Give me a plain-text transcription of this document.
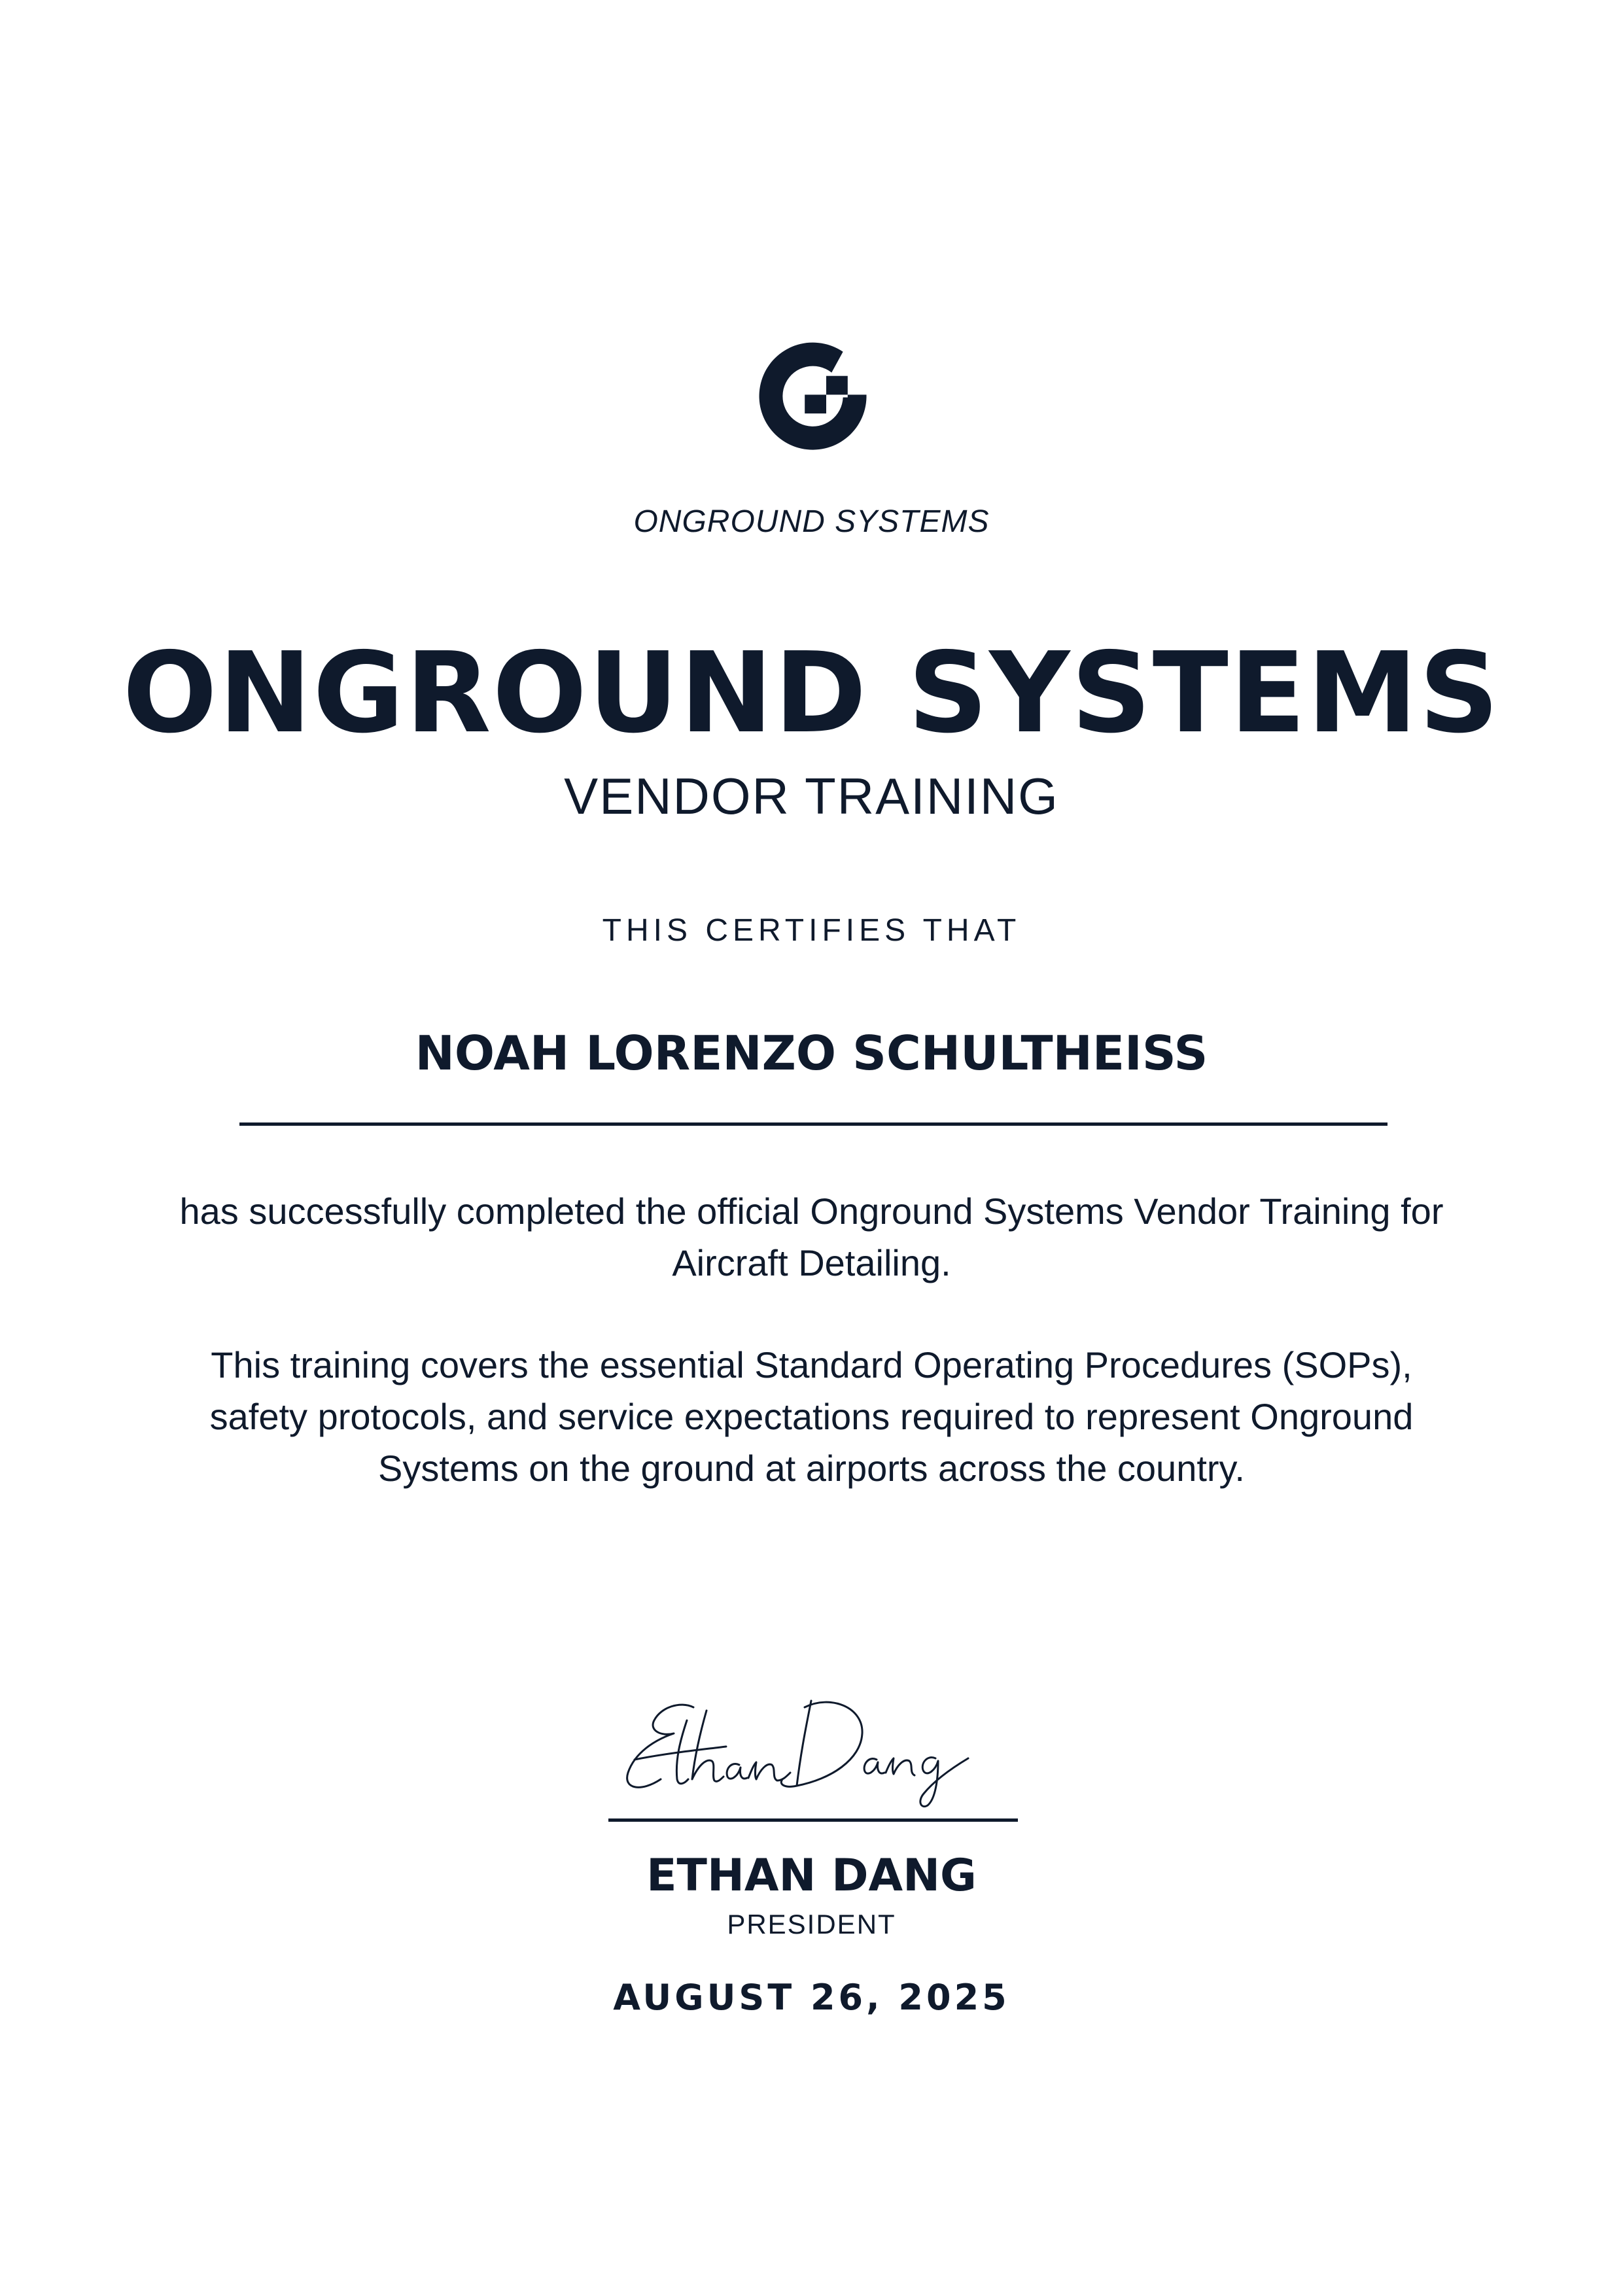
ONGROUND SYSTEMS
ONGROUND SYSTEMS
VENDOR TRAINING
THIS CERTIFIES THAT
NOAH LORENZO SCHULTHEISS
has successfully completed the official Onground Systems Vendor Training for Aircraft Detailing.
This training covers the essential Standard Operating Procedures (SOPs), safety protocols, and service expectations required to represent Onground Systems on the ground at airports across the country.
ETHAN DANG
PRESIDENT
AUGUST 26, 2025
